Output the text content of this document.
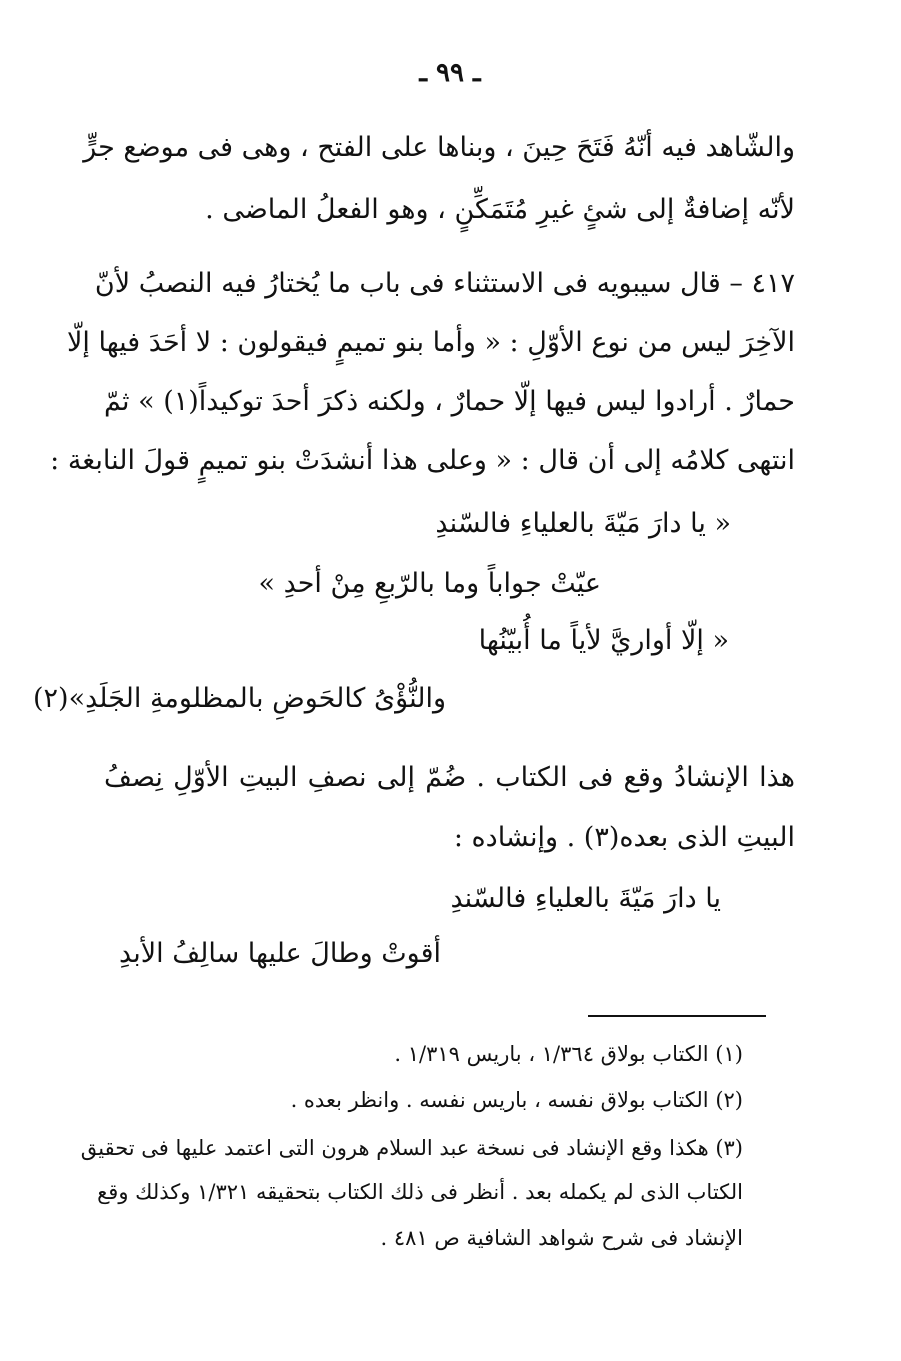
ـ ٩٩ ـ
والشّاهد فيه أنّهُ فَتَحَ حِينَ ، وبناها على الفتح ، وهى فى موضع جرٍّ
لأنّه إضافةٌ إلى شئٍ غيرِ مُتَمَكِّنٍ ، وهو الفعلُ الماضى .
٤١٧ – قال سيبويه فى الاستثناء فى باب ما يُختارُ فيه النصبُ لأنّ
الآخِرَ ليس من نوع الأوّلِ : « وأما بنو تميمٍ فيقولون : لا أحَدَ فيها إلّا
حمارٌ . أرادوا ليس فيها إلّا حمارٌ ، ولكنه ذكرَ أحدَ توكيداً(١) » ثمّ
انتهى كلامُه إلى أن قال : « وعلى هذا أنشدَتْ بنو تميمٍ قولَ النابغة :
« يا دارَ مَيّةَ بالعلياءِ فالسّندِ
عيّتْ جواباً وما بالرّبعِ مِنْ أحدِ »
« إلّا أواريَّ لأياً ما أُبيّنُها
والنُّؤْىُ كالحَوضِ بالمظلومةِ الجَلَدِ»(٢)
هذا الإنشادُ وقع فى الكتاب . ضُمّ إلى نصفِ البيتِ الأوّلِ نِصفُ
البيتِ الذى بعده(٣) . وإنشاده :
يا دارَ مَيّةَ بالعلياءِ فالسّندِ
أقوتْ وطالَ عليها سالِفُ الأبدِ
(١) الكتاب بولاق ١/٣٦٤ ، باريس ١/٣١٩ .
(٢) الكتاب بولاق نفسه ، باريس نفسه . وانظر بعده .
(٣) هكذا وقع الإنشاد فى نسخة عبد السلام هرون التى اعتمد عليها فى تحقيق
الكتاب الذى لم يكمله بعد . أنظر فى ذلك الكتاب بتحقيقه ١/٣٢١ وكذلك وقع
الإنشاد فى شرح شواهد الشافية ص ٤٨١ .
